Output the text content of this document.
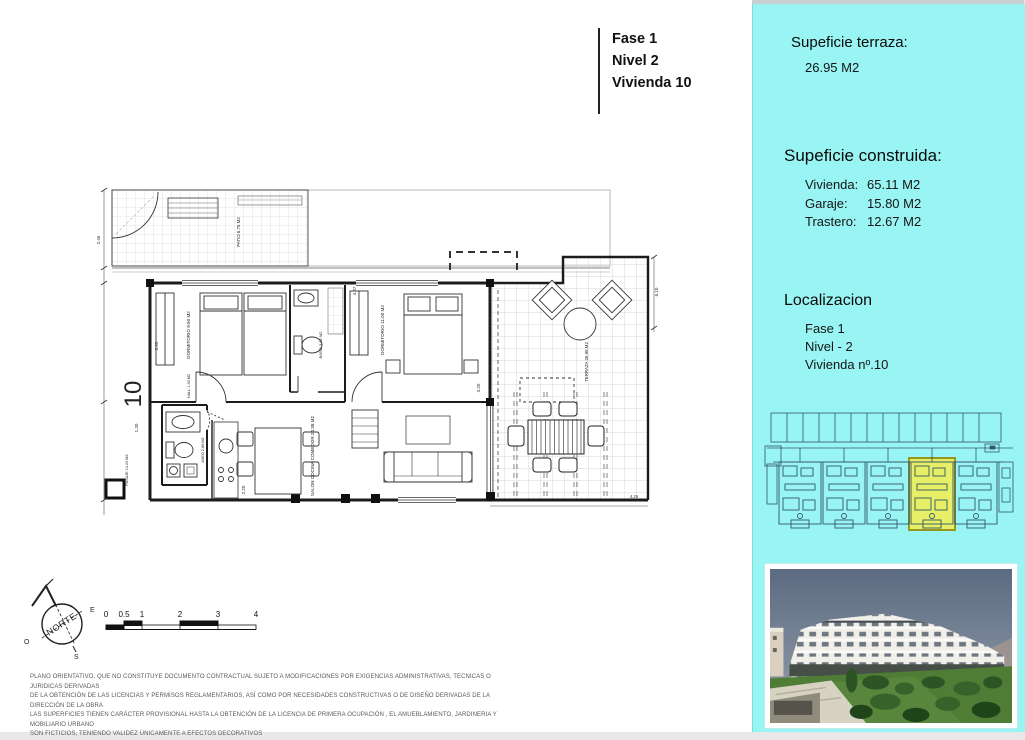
Fase 1
Nivel 2
Vivienda 10
PATIO 6.75 M2
DORMITORIO 9.50 M2	BAÑO 3.85 M2	DORMITORIO 11.00 M2
SALON COCINA COMEDOR 24.38 M2
ASEO 2.86 M2
HALL 1.40 M2
TERRAZA 26.95 M2
PASAJE 14.24 M2
10
2.46
2.50
1.30
2.20
4.07	6.10
3.20
4.26
NORTE
E
O
S
0 0.5 1	2	3	4
PLANO ORIENTATIVO, QUE NO CONSTITUYE DOCUMENTO CONTRACTUAL SUJETO A MODIFICACIONES POR EXIGENCIAS ADMINISTRATIVAS, TECNICAS O JURIDICAS DERIVADAS
DE LA OBTENCIÓN DE LAS LICENCIAS Y PERMISOS REGLAMENTARIOS, ASÍ COMO POR NECESIDADES CONSTRUCTIVAS O DE DISEÑO DERIVADAS DE LA DIRECCIÓN DE LA OBRA
LAS SUPERFICIES TIENEN CARÁCTER PROVISIONAL HASTA LA OBTENCIÓN DE LA LICENCIA DE PRIMERA OCUPACIÓN , EL AMUEBLAMIENTO, JARDINERIA Y MOBILIARIO URBANO
SON FICTICIOS, TENIENDO VALIDEZ ÚNICAMENTE A EFECTOS DECORATIVOS
Supeficie terraza:
26.95 M2
Supeficie construida:
Vivienda: 65.11 M2
Garaje:	15.80 M2
Trastero: 12.67 M2
Localizacion
Fase 1
Nivel - 2
Vivienda nº.10
